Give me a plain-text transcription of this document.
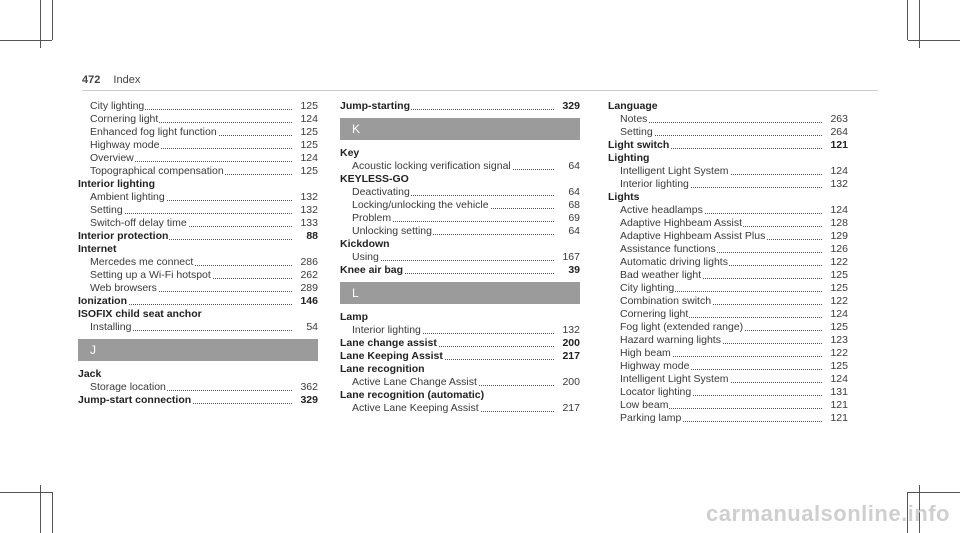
472 Index
City lighting	125
Cornering light	124
Enhanced fog light function	125
Highway mode	125
Overview	124
Topographical compensation	125
Interior lighting
Ambient lighting	132
Setting	132
Switch-off delay time	133
Interior protection	88
Internet
Mercedes me connect	286
Setting up a Wi-Fi hotspot	262
Web browsers	289
Ionization	146
ISOFIX child seat anchor
Installing	54
J
Jack
Storage location	362
Jump-start connection	329
Jump-starting	329
K
Key
Acoustic locking verification signal	64
KEYLESS-GO
Deactivating	64
Locking/unlocking the vehicle	68
Problem	69
Unlocking setting	64
Kickdown
Using	167
Knee air bag	39
L
Lamp
Interior lighting	132
Lane change assist	200
Lane Keeping Assist	217
Lane recognition
Active Lane Change Assist	200
Lane recognition (automatic)
Active Lane Keeping Assist	217
Language
Notes	263
Setting	264
Light switch	121
Lighting
Intelligent Light System	124
Interior lighting	132
Lights
Active headlamps	124
Adaptive Highbeam Assist	128
Adaptive Highbeam Assist Plus	129
Assistance functions	126
Automatic driving lights	122
Bad weather light	125
City lighting	125
Combination switch	122
Cornering light	124
Fog light (extended range)	125
Hazard warning lights	123
High beam	122
Highway mode	125
Intelligent Light System	124
Locator lighting	131
Low beam	121
Parking lamp	121
carmanualsonline.info
